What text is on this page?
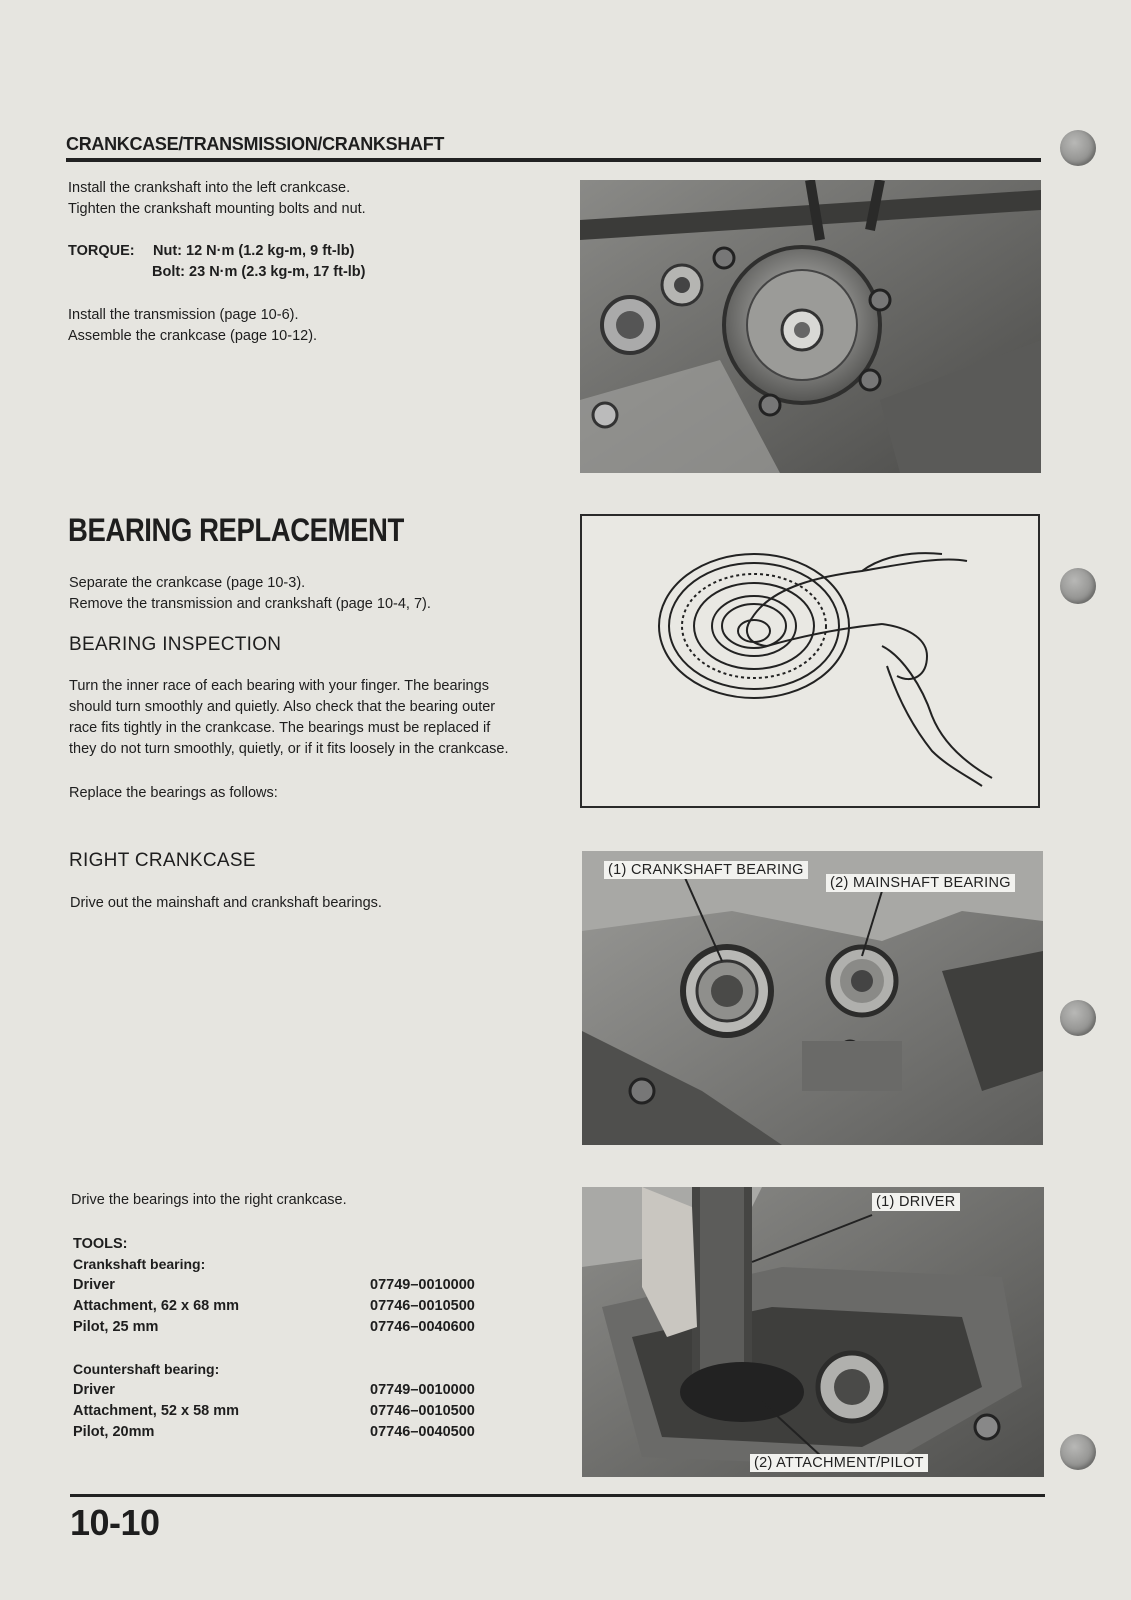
CRANKCASE/TRANSMISSION/CRANKSHAFT
Install the crankshaft into the left crankcase.
Tighten the crankshaft mounting bolts and nut.
TORQUE: Nut: 12 N·m (1.2 kg-m, 9 ft-lb)
Bolt: 23 N·m (2.3 kg-m, 17 ft-lb)
Install the transmission (page 10-6).
Assemble the crankcase (page 10-12).
BEARING REPLACEMENT
Separate the crankcase (page 10-3).
Remove the transmission and crankshaft (page 10-4, 7).
BEARING INSPECTION
Turn the inner race of each bearing with your finger. The bearings
should turn smoothly and quietly. Also check that the bearing outer
race fits tightly in the crankcase. The bearings must be replaced if
they do not turn smoothly, quietly, or if it fits loosely in the crankcase.
Replace the bearings as follows:
RIGHT CRANKCASE
Drive out the mainshaft and crankshaft bearings.
(1) CRANKSHAFT BEARING
(2) MAINSHAFT BEARING
Drive the bearings into the right crankcase.	(1) DRIVER
(2) ATTACHMENT/PILOT
TOOLS:
Crankshaft bearing:
Driver	07749–0010000
Attachment, 62 x 68 mm	07746–0010500
Pilot, 25 mm	07746–0040600
Countershaft bearing:
Driver	07749–0010000
Attachment, 52 x 58 mm	07746–0010500
Pilot, 20mm	07746–0040500
10-10
